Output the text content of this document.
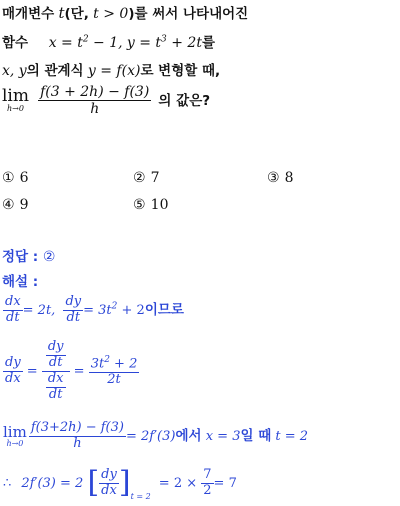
매개변수 t(단, t > 0)를 써서 나타내어진
함수 $x = t^2 - 1$, $y = t^3 + 2t$를
x, y의 관계식 y = f(x)로 변형할 때,
lim
h→0
	$\frac{f(3 + 2h) - f(3)}{h}$ 의 값은?
① 6	② 7	③ 8
④ 9	⑤ 10
정답 : ②
해설 :
$\frac{dx}{dt} = 2t$, $\frac{dy}{dt} = 3t^2 + 2$이므로
$\frac{dy}{dx} = \frac{\frac{dy}{dt}}{\frac{dx}{dt}} = \frac{3t^2 + 2}{2t}$
lim
$h\to 0 \frac{f(3+2h) - f(3)}{h} = 2f'(3)$에서 x = 3일 때 t = 2
∴ 2f′(3) = 2 [ $\frac{dy}{dx} ]_{t = 2} = 2 \times \frac{7}{2} = 7$
